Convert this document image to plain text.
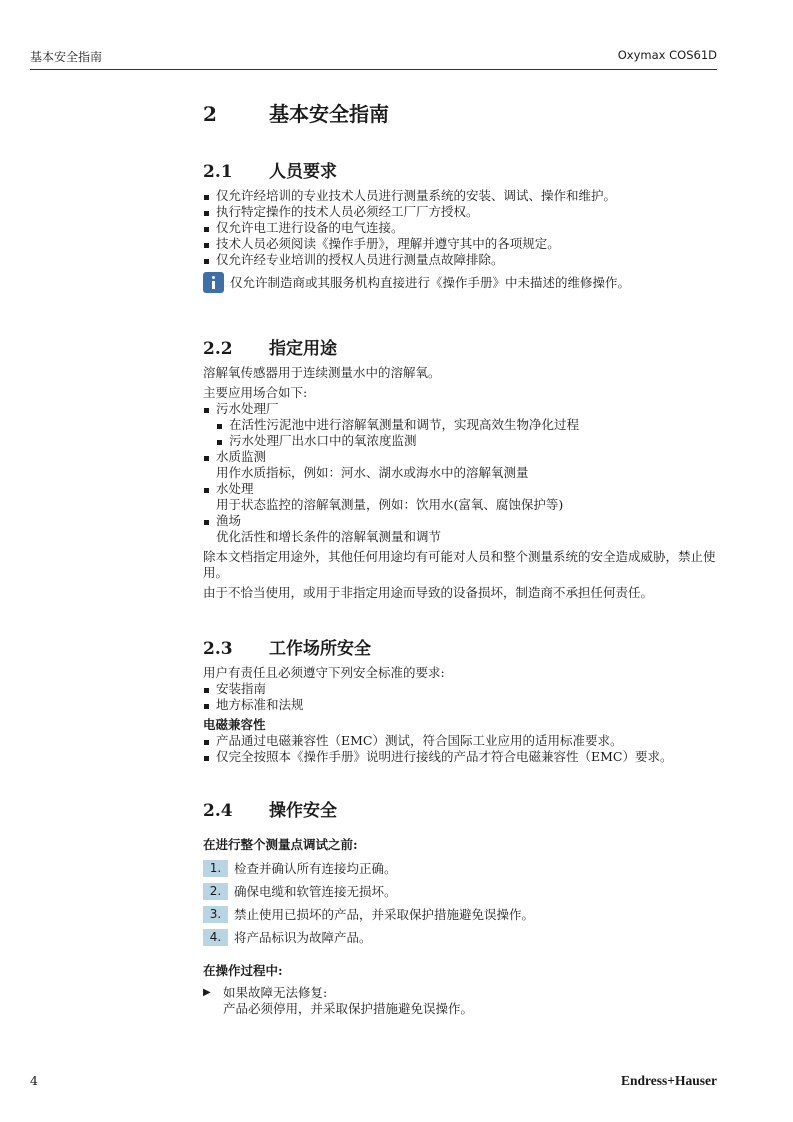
基本安全指南	Oxymax COS61D
2	基本安全指南
2.1 人员要求
仅允许经培训的专业技术人员进行测量系统的安装、调试、操作和维护。
执行特定操作的技术人员必须经工厂厂方授权。
仅允许电工进行设备的电气连接。
技术人员必须阅读《操作手册》，理解并遵守其中的各项规定。
仅允许经专业培训的授权人员进行测量点故障排除。
仅允许制造商或其服务机构直接进行《操作手册》中未描述的维修操作。
2.2 指定用途
溶解氧传感器用于连续测量水中的溶解氧。
主要应用场合如下:
污水处理厂
在活性污泥池中进行溶解氧测量和调节，实现高效生物净化过程
污水处理厂出水口中的氧浓度监测
水质监测
用作水质指标，例如：河水、湖水或海水中的溶解氧测量
水处理
用于状态监控的溶解氧测量，例如：饮用水(富氧、腐蚀保护等)
渔场
优化活性和增长条件的溶解氧测量和调节
除本文档指定用途外，其他任何用途均有可能对人员和整个测量系统的安全造成威胁，禁止使用。
由于不恰当使用，或用于非指定用途而导致的设备损坏，制造商不承担任何责任。
2.3 工作场所安全
用户有责任且必须遵守下列安全标准的要求:
安装指南
地方标准和法规
电磁兼容性
产品通过电磁兼容性（EMC）测试，符合国际工业应用的适用标准要求。
仅完全按照本《操作手册》说明进行接线的产品才符合电磁兼容性（EMC）要求。
2.4 操作安全
在进行整个测量点调试之前:
1.	检查并确认所有连接均正确。
2.	确保电缆和软管连接无损坏。
3.	禁止使用已损坏的产品，并采取保护措施避免误操作。
4.	将产品标识为故障产品。
在操作过程中:
▶ 如果故障无法修复:
产品必须停用，并采取保护措施避免误操作。
4	Endress+Hauser
